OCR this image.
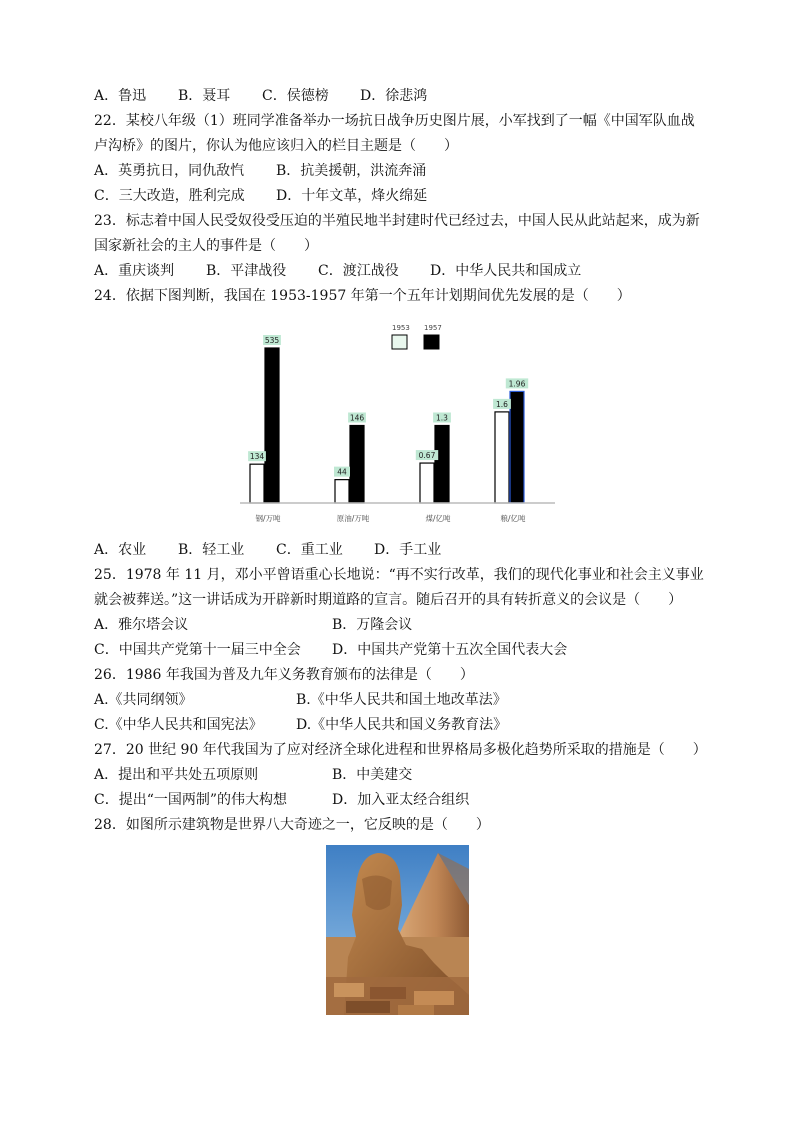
A．鲁迅 B．聂耳 C．侯德榜 D．徐悲鸿
22．某校八年级（1）班同学准备举办一场抗日战争历史图片展，小军找到了一幅《中国军队血战
卢沟桥》的图片，你认为他应该归入的栏目主题是（　　）
A．英勇抗日，同仇敌忾 B．抗美援朝，洪流奔涌
C．三大改造，胜利完成 D．十年文革，烽火绵延
23．标志着中国人民受奴役受压迫的半殖民地半封建时代已经过去，中国人民从此站起来，成为新
国家新社会的主人的事件是（　　）
A．重庆谈判 B．平津战役 C．渡江战役 D．中华人民共和国成立
24．依据下图判断，我国在 1953-1957 年第一个五年计划期间优先发展的是（　　）
1953 1957
134
535
44
146
0.67
1.3
1.6
1.96
钢/万吨	原油/万吨	煤/亿吨	粮/亿吨
A．农业 B．轻工业 C．重工业 D．手工业
25．1978 年 11 月，邓小平曾语重心长地说：“再不实行改革，我们的现代化事业和社会主义事业
就会被葬送。”这一讲话成为开辟新时期道路的宣言。随后召开的具有转折意义的会议是（　　）
A．雅尔塔会议	B．万隆会议
C．中国共产党第十一届三中全会 D．中国共产党第十五次全国代表大会
26．1986 年我国为普及九年义务教育颁布的法律是（　　）
A.《共同纲领》	B.《中华人民共和国土地改革法》
C.《中华人民共和国宪法》 D.《中华人民共和国义务教育法》
27．20 世纪 90 年代我国为了应对经济全球化进程和世界格局多极化趋势所采取的措施是（　　）
A．提出和平共处五项原则	B．中美建交
C．提出“一国两制”的伟大构想	D．加入亚太经合组织
28．如图所示建筑物是世界八大奇迹之一，它反映的是（　　）
